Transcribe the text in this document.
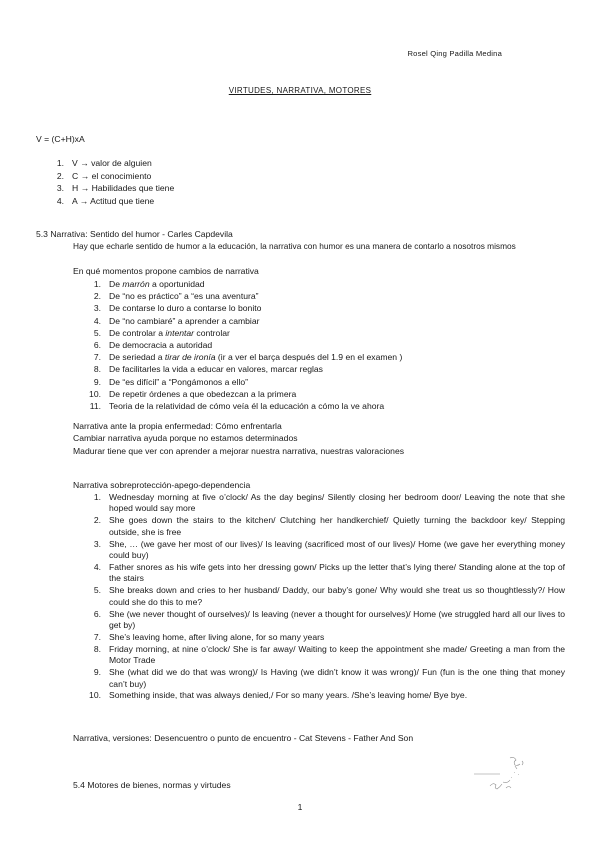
Rosel Qing Padilla Medina
VIRTUDES, NARRATIVA, MOTORES
V = (C+H)xA
1. V → valor de alguien
2. C → el conocimiento
3. H → Habilidades que tiene
4. A → Actitud que tiene
5.3 Narrativa: Sentido del humor - Carles Capdevila
Hay que echarle sentido de humor a la educación, la narrativa con humor es una manera de contarlo a nosotros mismos
En qué momentos propone cambios de narrativa
1. De marrón a oportunidad
2. De “no es práctico” a “es una aventura”
3. De contarse lo duro a contarse lo bonito
4. De “no cambiaré” a aprender a cambiar
5. De controlar a intentar controlar
6. De democracia a autoridad
7. De seriedad a tirar de ironía (ir a ver el barça después del 1.9 en el examen )
8. De facilitarles la vida a educar en valores, marcar reglas
9. De “es difícil” a “Pongámonos a ello”
10. De repetir órdenes a que obedezcan a la primera
11. Teoria de la relatividad de cómo veía él la educación a cómo la ve ahora
Narrativa ante la propia enfermedad: Cómo enfrentarla
Cambiar narrativa ayuda porque no estamos determinados
Madurar tiene que ver con aprender a mejorar nuestra narrativa, nuestras valoraciones
Narrativa sobreprotección-apego-dependencia
1. Wednesday morning at five o’clock/ As the day begins/ Silently closing her bedroom door/ Leaving the note that she hoped would say more
2. She goes down the stairs to the kitchen/ Clutching her handkerchief/ Quietly turning the backdoor key/ Stepping outside, she is free
3. She, … (we gave her most of our lives)/ Is leaving (sacrificed most of our lives)/ Home (we gave her everything money could buy)
4. Father snores as his wife gets into her dressing gown/ Picks up the letter that’s lying there/ Standing alone at the top of the stairs
5. She breaks down and cries to her husband/ Daddy, our baby’s gone/ Why would she treat us so thoughtlessly?/ How could she do this to me?
6. She (we never thought of ourselves)/ Is leaving (never a thought for ourselves)/ Home (we struggled hard all our lives to get by)
7. She’s leaving home, after living alone, for so many years
8. Friday morning, at nine o’clock/ She is far away/ Waiting to keep the appointment she made/ Greeting a man from the Motor Trade
9. She (what did we do that was wrong)/ Is Having (we didn’t know it was wrong)/ Fun (fun is the one thing that money can’t buy)
10. Something inside, that was always denied,/ For so many years. /She’s leaving home/ Bye bye.
Narrativa, versiones: Desencuentro o punto de encuentro - Cat Stevens - Father And Son
5.4 Motores de bienes, normas y virtudes
1
